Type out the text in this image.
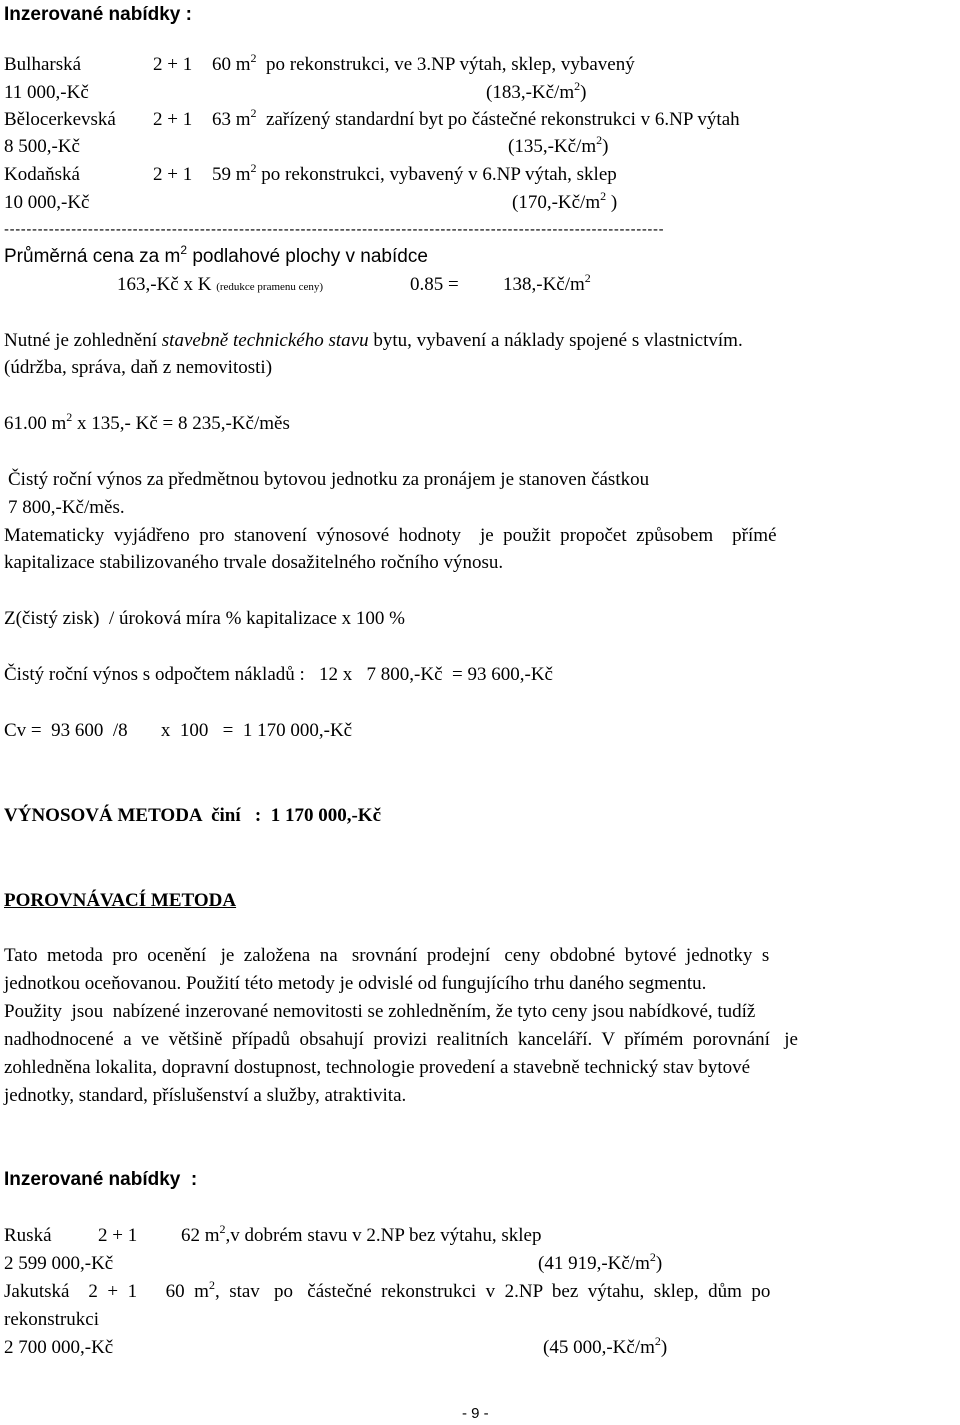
Inzerované nabídky :
Bulharská	2 + 1 60 $m^2$ po rekonstrukci, ve 3.NP výtah, sklep, vybavený
11 000,-Kč	$(183,-Kč/m^2)$
Bělocerkevská 2 + 1 63 $m^2$ zařízený standardní byt po částečné rekonstrukci v 6.NP výtah
8 500,-Kč	$(135,-Kč/m^2)$
Kodaňská	2 + 1 59 $m^2$ po rekonstrukci, vybavený v 6.NP výtah, sklep
10 000,-Kč	($170,-Kč/m^2$ )
----------------------------------------------------------------------------------------------------------------------
Průměrná cena za $m^2$ podlahové plochy v nabídce
163,-Kč x K (redukce pramenu ceny)	$0.85 = 138,-Kč/m^2$
Nutné je zohlednění stavebně technického stavu bytu, vybavení a náklady spojené s vlastnictvím.
(údržba, správa, daň z nemovitosti)
61.00 $m^2$ x 135,- Kč = 8 235,-Kč/měs
Čistý roční výnos za předmětnou bytovou jednotku za pronájem je stanoven částkou
7 800,-Kč/měs.
Matematicky  vyjádřeno  pro  stanovení  výnosové  hodnoty    je  použit  propočet  způsobem    přímé
kapitalizace stabilizovaného trvale dosažitelného ročního výnosu.
Z(čistý zisk)  / úroková míra % kapitalizace x 100 %
Čistý roční výnos s odpočtem nákladů :   12 x   7 800,-Kč  = 93 600,-Kč
Cv =  93 600  /8       x  100   =  1 170 000,-Kč
VÝNOSOVÁ METODA  činí   :  1 170 000,-Kč
POROVNÁVACÍ METODA
Tato  metoda  pro  ocenění   je  založena  na   srovnání  prodejní   ceny  obdobné  bytové  jednotky  s
jednotkou oceňovanou. Použití této metody je odvislé od fungujícího trhu daného segmentu.
Použity  jsou  nabízené inzerované nemovitosti se zohledněním, že tyto ceny jsou nabídkové, tudíž
nadhodnocené  a  ve  většině  případů  obsahují  provizi  realitních  kanceláří.  V  přímém  porovnání   je
zohledněna lokalita, dopravní dostupnost, technologie provedení a stavebně technický stav bytové
jednotky, standard, příslušenství a služby, atraktivita.
Inzerované nabídky  :
Ruská 2 + 1 62 $m^2,v$ dobrém stavu v 2.NP bez výtahu, sklep
2 599 000,-Kč	(41 $919,-Kč/m^2$)
Jakutská    2  +  1      60  $m^2$,  stav   po   částečné  rekonstrukci  v  2.NP  bez  výtahu,  sklep,  dům  po
rekonstrukci
2 700 000,-Kč	(45 $000,-Kč/m^2$)
- 9 -
